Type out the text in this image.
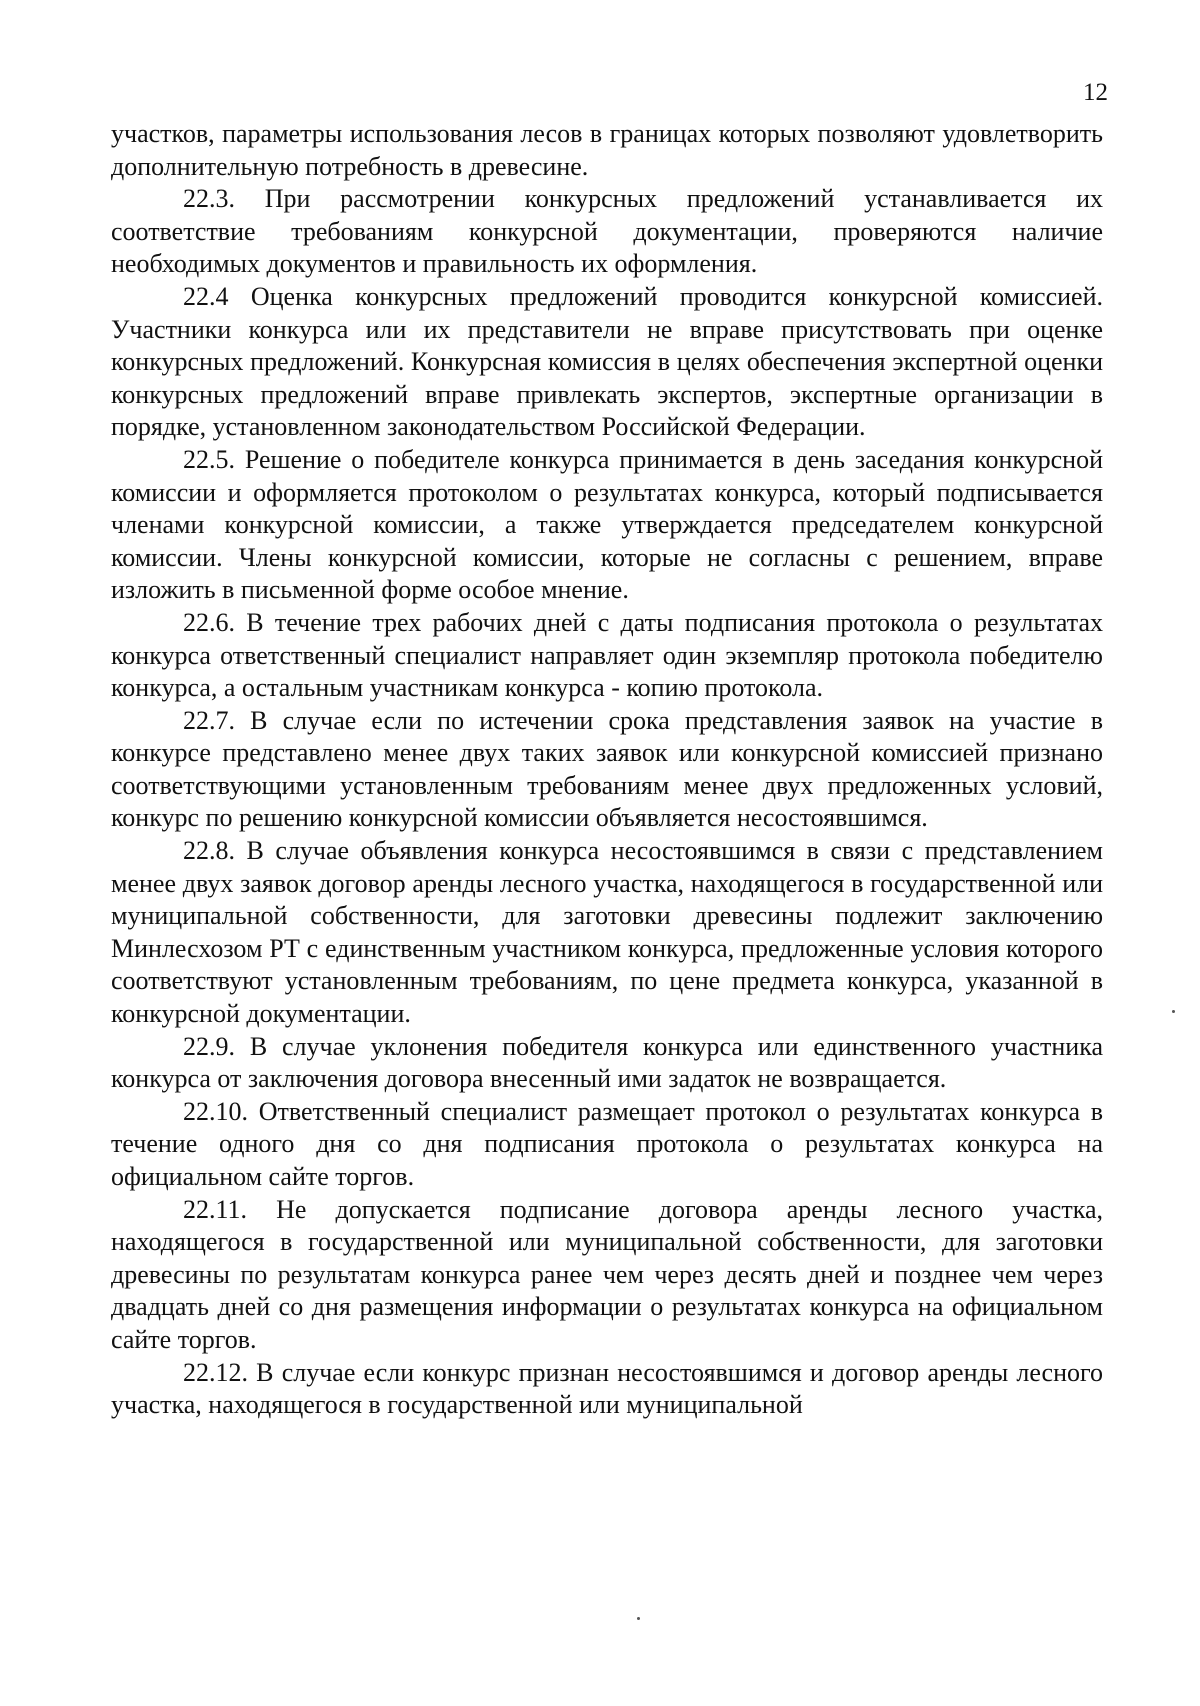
12

участков, параметры использования лесов в границах которых позволяют удовлетворить дополнительную потребность в древесине.

22.3. При рассмотрении конкурсных предложений устанавливается их соответствие требованиям конкурсной документации, проверяются наличие необходимых документов и правильность их оформления.

22.4 Оценка конкурсных предложений проводится конкурсной комиссией. Участники конкурса или их представители не вправе присутствовать при оценке конкурсных предложений. Конкурсная комиссия в целях обеспечения экспертной оценки конкурсных предложений вправе привлекать экспертов, экспертные организации в порядке, установленном законодательством Российской Федерации.

22.5. Решение о победителе конкурса принимается в день заседания конкурсной комиссии и оформляется протоколом о результатах конкурса, который подписывается членами конкурсной комиссии, а также утверждается председателем конкурсной комиссии. Члены конкурсной комиссии, которые не согласны с решением, вправе изложить в письменной форме особое мнение.

22.6. В течение трех рабочих дней с даты подписания протокола о результатах конкурса ответственный специалист направляет один экземпляр протокола победителю конкурса, а остальным участникам конкурса - копию протокола.

22.7. В случае если по истечении срока представления заявок на участие в конкурсе представлено менее двух таких заявок или конкурсной комиссией признано соответствующими установленным требованиям менее двух предложенных условий, конкурс по решению конкурсной комиссии объявляется несостоявшимся.

22.8. В случае объявления конкурса несостоявшимся в связи с представлением менее двух заявок договор аренды лесного участка, находящегося в государственной или муниципальной собственности, для заготовки древесины подлежит заключению Минлесхозом РТ с единственным участником конкурса, предложенные условия которого соответствуют установленным требованиям, по цене предмета конкурса, указанной в конкурсной документации.

22.9. В случае уклонения победителя конкурса или единственного участника конкурса от заключения договора внесенный ими задаток не возвращается.

22.10. Ответственный специалист размещает протокол о результатах конкурса в течение одного дня со дня подписания протокола о результатах конкурса на официальном сайте торгов.

22.11. Не допускается подписание договора аренды лесного участка, находящегося в государственной или муниципальной собственности, для заготовки древесины по результатам конкурса ранее чем через десять дней и позднее чем через двадцать дней со дня размещения информации о результатах конкурса на официальном сайте торгов.

22.12. В случае если конкурс признан несостоявшимся и договор аренды лесного участка, находящегося в государственной или муниципальной
